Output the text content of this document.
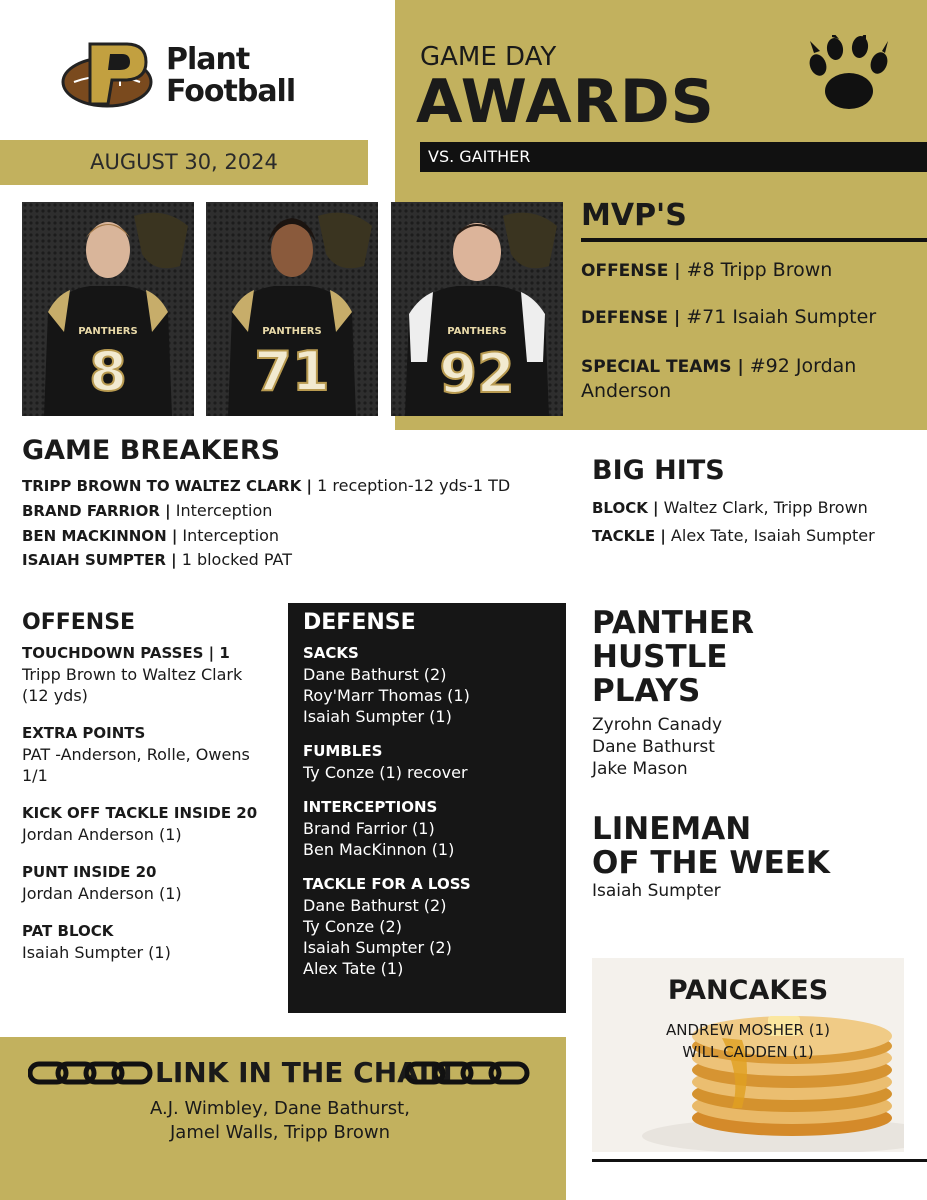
Plant
Football
AUGUST 30, 2024
GAME DAY
AWARDS
VS. GAITHER
PANTHERS
8
PANTHERS
71
PANTHERS
92
MVP'S
OFFENSE | #8 Tripp Brown
DEFENSE | #71 Isaiah Sumpter
SPECIAL TEAMS | #92 Jordan Anderson
GAME BREAKERS
TRIPP BROWN TO WALTEZ CLARK | 1 reception-12 yds-1 TD
BRAND FARRIOR | Interception
BEN MACKINNON | Interception
ISAIAH SUMPTER | 1 blocked PAT
BIG HITS
BLOCK | Waltez Clark, Tripp Brown
TACKLE | Alex Tate, Isaiah Sumpter
OFFENSE
TOUCHDOWN PASSES | 1
Tripp Brown to Waltez Clark
(12 yds)
EXTRA POINTS
PAT -Anderson, Rolle, Owens
1/1
KICK OFF TACKLE INSIDE 20
Jordan Anderson (1)
PUNT INSIDE 20
Jordan Anderson (1)
PAT BLOCK
Isaiah Sumpter (1)
DEFENSE
SACKS
Dane Bathurst (2)
Roy'Marr Thomas (1)
Isaiah Sumpter (1)
FUMBLES
Ty Conze (1) recover
INTERCEPTIONS
Brand Farrior (1)
Ben MacKinnon (1)
TACKLE FOR A LOSS
Dane Bathurst (2)
Ty Conze (2)
Isaiah Sumpter (2)
Alex Tate (1)
PANTHER
HUSTLE
PLAYS
Zyrohn Canady
Dane Bathurst
Jake Mason
LINEMAN
OF THE WEEK
Isaiah Sumpter
PANCAKES
ANDREW MOSHER (1)
WILL CADDEN (1)
LINK IN THE CHAIN
A.J. Wimbley, Dane Bathurst,
Jamel Walls, Tripp Brown
